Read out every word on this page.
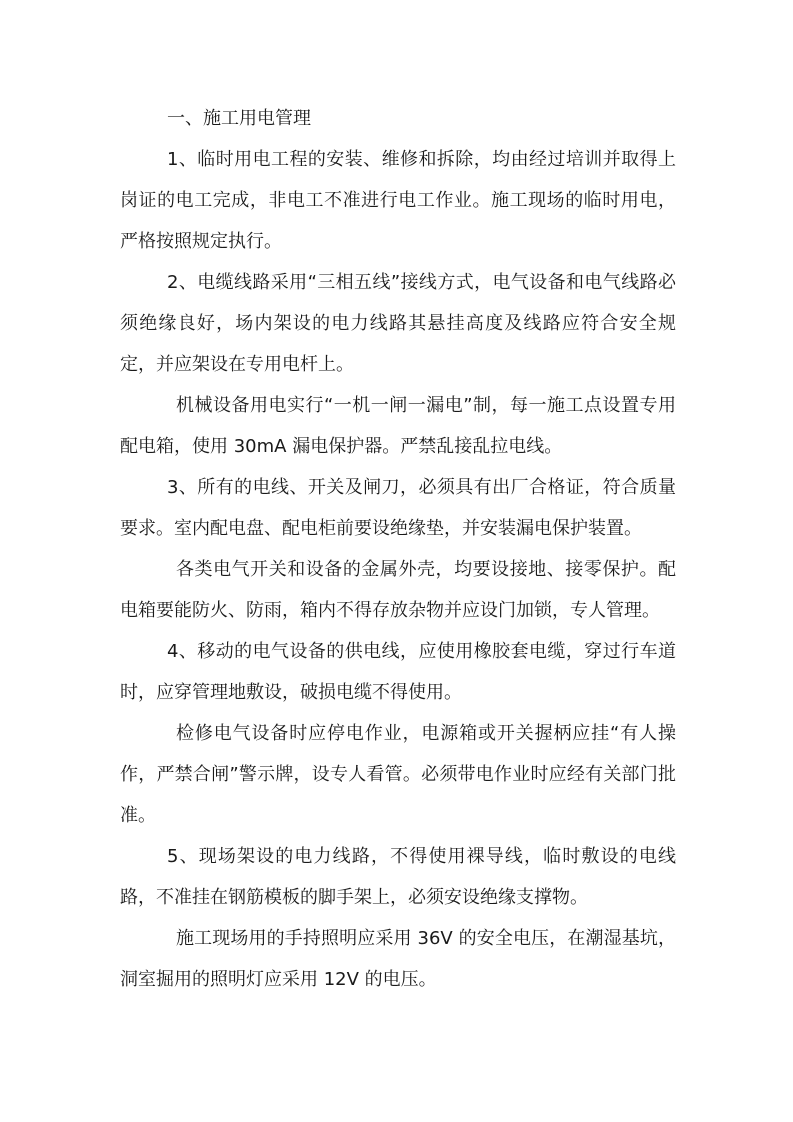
一、施工用电管理

1、临时用电工程的安装、维修和拆除，均由经过培训并取得上岗证的电工完成，非电工不准进行电工作业。施工现场的临时用电，严格按照规定执行。

2、电缆线路采用“三相五线”接线方式，电气设备和电气线路必须绝缘良好，场内架设的电力线路其悬挂高度及线路应符合安全规定，并应架设在专用电杆上。

机械设备用电实行“一机一闸一漏电”制，每一施工点设置专用配电箱，使用 30mA 漏电保护器。严禁乱接乱拉电线。

3、所有的电线、开关及闸刀，必须具有出厂合格证，符合质量要求。室内配电盘、配电柜前要设绝缘垫，并安装漏电保护装置。

各类电气开关和设备的金属外壳，均要设接地、接零保护。配电箱要能防火、防雨，箱内不得存放杂物并应设门加锁，专人管理。

4、移动的电气设备的供电线，应使用橡胶套电缆，穿过行车道时，应穿管理地敷设，破损电缆不得使用。

检修电气设备时应停电作业，电源箱或开关握柄应挂“有人操作，严禁合闸”警示牌，设专人看管。必须带电作业时应经有关部门批准。

5、现场架设的电力线路，不得使用裸导线，临时敷设的电线路，不准挂在钢筋模板的脚手架上，必须安设绝缘支撑物。

施工现场用的手持照明应采用 36V 的安全电压，在潮湿基坑，洞室掘用的照明灯应采用 12V 的电压。
